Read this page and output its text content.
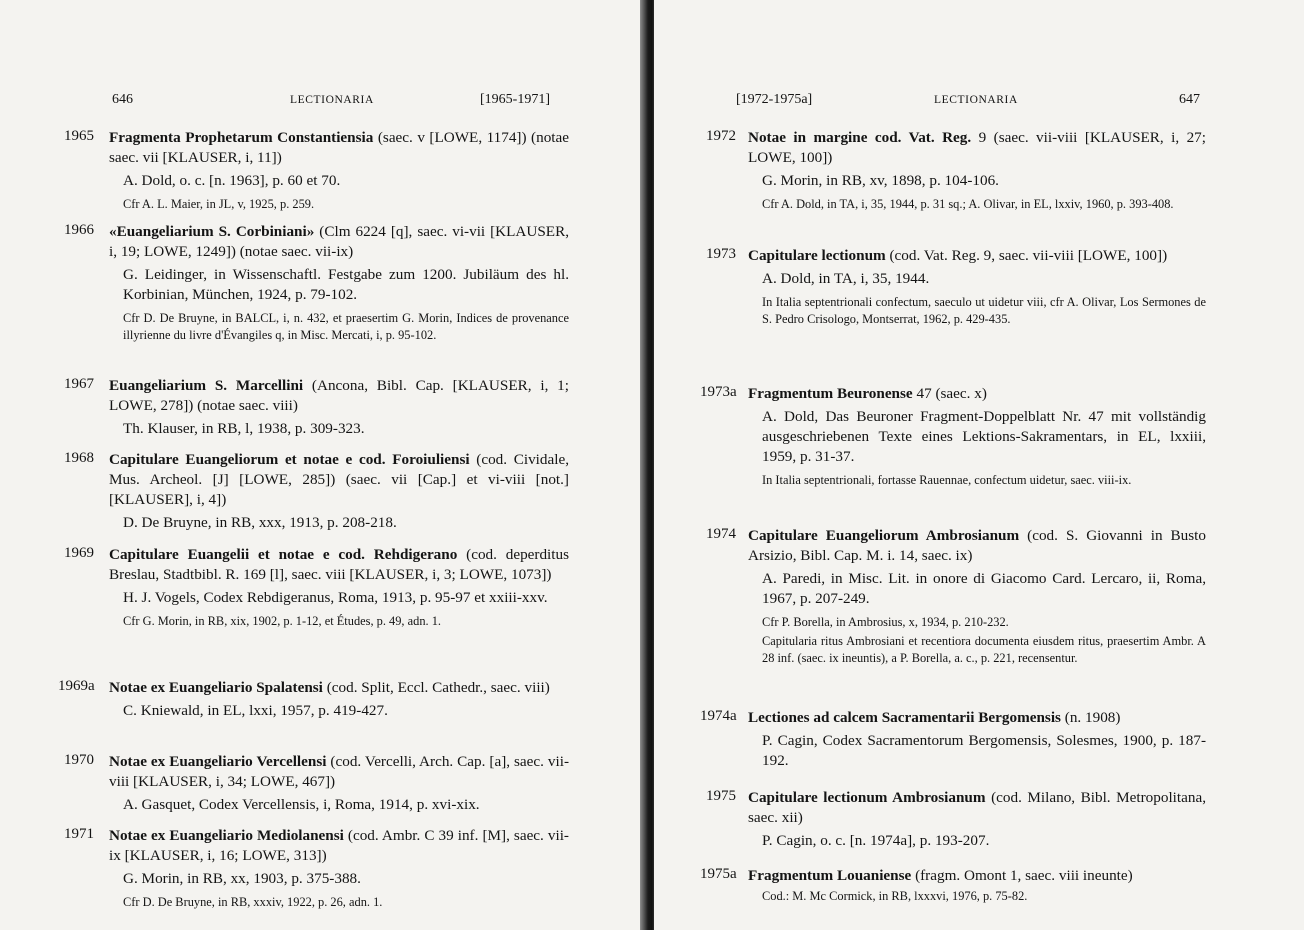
646	LECTIONARIA	[1965-1971]
1965 Fragmenta Prophetarum Constantiensia (saec. v [LOWE, 1174]) (notae saec. vii [KLAUSER, i, 11])

A. Dold, o. c. [n. 1963], p. 60 et 70.

Cfr A. L. Maier, in JL, v, 1925, p. 259.

1966 «Euangeliarium S. Corbiniani» (Clm 6224 [q], saec. vi-vii [KLAUSER, i, 19; LOWE, 1249]) (notae saec. vii-ix)

G. Leidinger, in Wissenschaftl. Festgabe zum 1200. Jubiläum des hl. Korbinian, München, 1924, p. 79-102.

Cfr D. De Bruyne, in BALCL, i, n. 432, et praesertim G. Morin, Indices de provenance illyrienne du livre d'Évangiles q, in Misc. Mercati, i, p. 95-102.

1967 Euangeliarium S. Marcellini (Ancona, Bibl. Cap. [KLAUSER, i, 1; LOWE, 278]) (notae saec. viii)

Th. Klauser, in RB, l, 1938, p. 309-323.

1968 Capitulare Euangeliorum et notae e cod. Foroiuliensi (cod. Cividale, Mus. Archeol. [J] [LOWE, 285]) (saec. vii [Cap.] et vi-viii [not.] [KLAUSER], i, 4])

D. De Bruyne, in RB, xxx, 1913, p. 208-218.

1969 Capitulare Euangelii et notae e cod. Rehdigerano (cod. deperditus Breslau, Stadtbibl. R. 169 [l], saec. viii [KLAUSER, i, 3; LOWE, 1073])

H. J. Vogels, Codex Rebdigeranus, Roma, 1913, p. 95-97 et xxiii-xxv.

Cfr G. Morin, in RB, xix, 1902, p. 1-12, et Études, p. 49, adn. 1.

1969a Notae ex Euangeliario Spalatensi (cod. Split, Eccl. Cathedr., saec. viii)

C. Kniewald, in EL, lxxi, 1957, p. 419-427.

1970 Notae ex Euangeliario Vercellensi (cod. Vercelli, Arch. Cap. [a], saec. vii-viii [KLAUSER, i, 34; LOWE, 467])

A. Gasquet, Codex Vercellensis, i, Roma, 1914, p. xvi-xix.

1971 Notae ex Euangeliario Mediolanensi (cod. Ambr. C 39 inf. [M], saec. vii-ix [KLAUSER, i, 16; LOWE, 313])

G. Morin, in RB, xx, 1903, p. 375-388.

Cfr D. De Bruyne, in RB, xxxiv, 1922, p. 26, adn. 1.

[1972-1975a]	LECTIONARIA	647
1972 Notae in margine cod. Vat. Reg. 9 (saec. vii-viii [KLAUSER, i, 27; LOWE, 100])

G. Morin, in RB, xv, 1898, p. 104-106.

Cfr A. Dold, in TA, i, 35, 1944, p. 31 sq.; A. Olivar, in EL, lxxiv, 1960, p. 393-408.

1973 Capitulare lectionum (cod. Vat. Reg. 9, saec. vii-viii [LOWE, 100])

A. Dold, in TA, i, 35, 1944.

In Italia septentrionali confectum, saeculo ut uidetur viii, cfr A. Olivar, Los Sermones de S. Pedro Crisologo, Montserrat, 1962, p. 429-435.

1973a Fragmentum Beuronense 47 (saec. x)

A. Dold, Das Beuroner Fragment-Doppelblatt Nr. 47 mit vollständig ausgeschriebenen Texte eines Lektions-Sakramentars, in EL, lxxiii, 1959, p. 31-37.

In Italia septentrionali, fortasse Rauennae, confectum uidetur, saec. viii-ix.

1974 Capitulare Euangeliorum Ambrosianum (cod. S. Giovanni in Busto Arsizio, Bibl. Cap. M. i. 14, saec. ix)

A. Paredi, in Misc. Lit. in onore di Giacomo Card. Lercaro, ii, Roma, 1967, p. 207-249.

Cfr P. Borella, in Ambrosius, x, 1934, p. 210-232.

Capitularia ritus Ambrosiani et recentiora documenta eiusdem ritus, praesertim Ambr. A 28 inf. (saec. ix ineuntis), a P. Borella, a. c., p. 221, recensentur.

1974a Lectiones ad calcem Sacramentarii Bergomensis (n. 1908)

P. Cagin, Codex Sacramentorum Bergomensis, Solesmes, 1900, p. 187-192.

1975 Capitulare lectionum Ambrosianum (cod. Milano, Bibl. Metropolitana, saec. xii)

P. Cagin, o. c. [n. 1974a], p. 193-207.

1975a Fragmentum Louaniense (fragm. Omont 1, saec. viii ineunte)

Cod.: M. Mc Cormick, in RB, lxxxvi, 1976, p. 75-82.
